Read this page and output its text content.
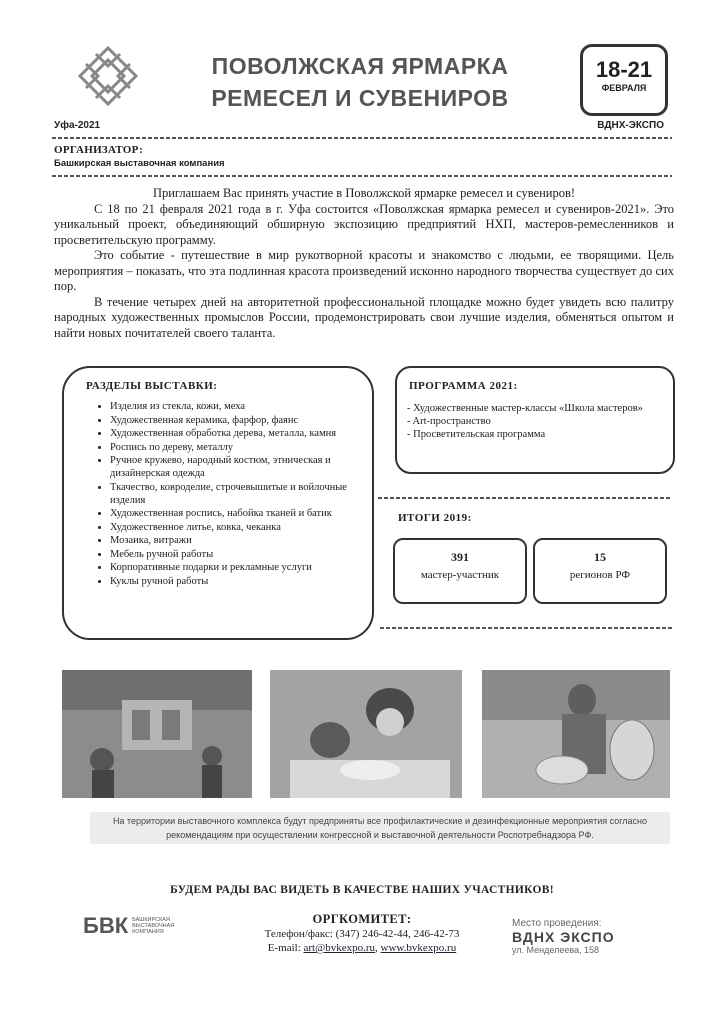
ПОВОЛЖСКАЯ ЯРМАРКА
РЕМЕСЕЛ И СУВЕНИРОВ
18-21
ФЕВРАЛЯ
Уфа-2021	ВДНХ-ЭКСПО
ОРГАНИЗАТОР:
Башкирская выставочная компания

Приглашаем Вас принять участие в Поволжской ярмарке ремесел и сувениров!

С 18 по 21 февраля 2021 года в г. Уфа состоится «Поволжская ярмарка ремесел и сувениров-2021». Это уникальный проект, объединяющий обширную экспозицию предприятий НХП, мастеров-ремесленников и просветительскую программу.

Это событие - путешествие в мир рукотворной красоты и знакомство с людьми, ее творящими. Цель мероприятия – показать, что эта подлинная красота произведений исконно народного творчества существует до сих пор.

В течение четырех дней на авторитетной профессиональной площадке можно будет увидеть всю палитру народных художественных промыслов России, продемонстрировать свои лучшие изделия, обменяться опытом и найти новых почитателей своего таланта.

РАЗДЕЛЫ ВЫСТАВКИ:
• Изделия из стекла, кожи, меха
• Художественная керамика, фарфор, фаянс
• Художественная обработка дерева, металла, камня
• Роспись по дереву, металлу
• Ручное кружево, народный костюм, этническая и дизайнерская одежда
• Ткачество, ковроделие, строчевышитые и войлочные изделия
• Художественная роспись, набойка тканей и батик
• Художественное литье, ковка, чеканка
• Мозаика, витражи
• Мебель ручной работы
• Корпоративные подарки и рекламные услуги
• Куклы ручной работы
ПРОГРАММА 2021:
- Художественные мастер-классы «Школа мастеров»
- Art-пространство
- Просветительская программа
ИТОГИ 2019:
391
мастер-участник
15
регионов РФ
На территории выставочного комплекса будут предприняты все профилактические и дезинфекционные мероприятия согласно рекомендациям при осуществлении конгрессной и выставочной деятельности Роспотребнадзора РФ.
БУДЕМ РАДЫ ВАС ВИДЕТЬ В КАЧЕСТВЕ НАШИХ УЧАСТНИКОВ!
БВК	БАШКИРСКАЯ
ВЫСТАВОЧНАЯ
КОМПАНИЯ
ОРГКОМИТЕТ:
Телефон/факс: (347) 246-42-44, 246-42-73
E-mail: art@bvkexpo.ru, www.bvkexpo.ru
Место проведения:
ВДНХ ЭКСПО
ул. Менделеева, 158
